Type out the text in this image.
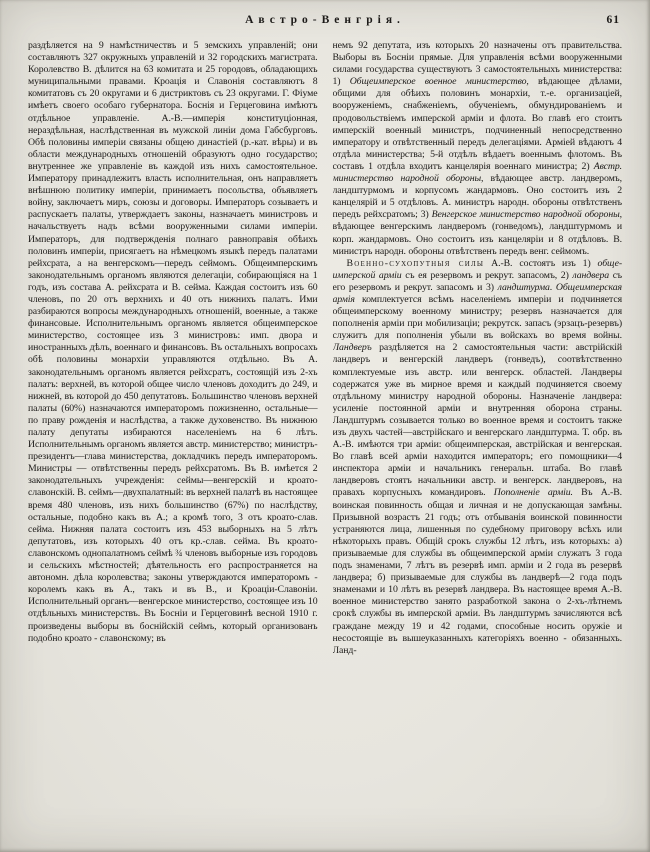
Австро-Венгрія.	61

раздѣляется на 9 намѣстничествъ и 5 земскихъ управленій; они составляютъ 327 окружныхъ управленій и 32 городскихъ магистрата. Королевство В. дѣлится на 63 комитата и 25 городовъ, обладающихъ муниципальными правами. Кроація и Славонія составляютъ 8 комитатовъ съ 20 округами и 6 дистриктовъ съ 23 округами. Г. Фіуме имѣетъ своего особаго губернатора. Боснія и Герцеговина имѣютъ отдѣльное управленіе. А.-В.—имперія конституціонная, нераздѣльная, наслѣдственная въ мужской линіи дома Габсбурговъ. Обѣ половины имперіи связаны общею династіей (р.-кат. вѣры) и въ области международныхъ отношеній образуютъ одно государство; внутреннее же управленіе въ каждой изъ нихъ самостоятельное. Императору принадлежитъ власть исполнительная, онъ направляетъ внѣшнюю политику имперіи, принимаетъ посольства, объявляетъ войну, заключаетъ миръ, союзы и договоры. Императоръ созываетъ и распускаетъ палаты, утверждаетъ законы, назначаетъ министровъ и начальствуетъ надъ всѣми вооруженными силами имперіи. Императоръ, для подтвержденія полнаго равноправія обѣихъ половинъ имперіи, присягаетъ на нѣмецкомъ языкѣ передъ палатами рейхсрата, а на венгерскомъ—передъ сеймомъ. Общеимперскимъ законодательнымъ органомъ являются делегаціи, собирающіяся на 1 годъ, изъ состава А. рейхсрата и В. сейма. Каждая состоитъ изъ 60 членовъ, по 20 отъ верхнихъ и 40 отъ нижнихъ палатъ. Ими разбираются вопросы международныхъ отношеній, военные, а также финансовые. Исполнительнымъ органомъ является общеимперское министерство, состоящее изъ 3 министровъ: имп. двора и иностранныхъ дѣлъ, военнаго и финансовъ. Въ остальныхъ вопросахъ обѣ половины монархіи управляются отдѣльно. Въ А. законодательнымъ органомъ является рейхсратъ, состоящій изъ 2-хъ палатъ: верхней, въ которой общее число членовъ доходитъ до 249, и нижней, въ которой до 450 депутатовъ. Большинство членовъ верхней палаты (60%) назначаются императоромъ пожизненно, остальные—по праву рожденія и наслѣдства, а также духовенство. Въ нижнюю палату депутаты избираются населеніемъ на 6 лѣтъ. Исполнительнымъ органомъ является австр. министерство; министръ-президентъ—глава министерства, докладчикъ передъ императоромъ. Министры — отвѣтственны передъ рейхсратомъ. Въ В. имѣется 2 законодательныхъ учрежденія: сеймы—венгерскій и кроато-славонскій. В. сеймъ—двухпалатный: въ верхней палатѣ въ настоящее время 480 членовъ, изъ нихъ большинство (67%) по наслѣдству, остальные, подобно какъ въ А.; а кромѣ того, 3 отъ кроато-слав. сейма. Нижняя палата состоитъ изъ 453 выборныхъ на 5 лѣтъ депутатовъ, изъ которыхъ 40 отъ кр.-слав. сейма. Въ кроато-славонскомъ однопалатномъ сеймѣ ¾ членовъ выборные изъ городовъ и сельскихъ мѣстностей; дѣятельность его распространяется на автономн. дѣла королевства; законы утверждаются императоромъ - королемъ какъ въ А., такъ и въ В., и Кроаціи-Славоніи. Исполнительный органъ—венгерское министерство, состоящее изъ 10 отдѣльныхъ министерствъ. Въ Босніи и Герцеговинѣ весной 1910 г. произведены выборы въ боснійскій сеймъ, который организованъ подобно кроато - славонскому; въ

немъ 92 депутата, изъ которыхъ 20 назначены отъ правительства. Выборы въ Босніи прямые. Для управленія всѣми вооруженными силами государства существуютъ 3 самостоятельныхъ министерства: 1) Общеимперское военное министерство, вѣдающее дѣлами, общими для обѣихъ половинъ монархіи, т.-е. организаціей, вооруженіемъ, снабженіемъ, обученіемъ, обмундированіемъ и продовольствіемъ имперской арміи и флота. Во главѣ его стоитъ имперскій военный министръ, подчиненный непосредственно императору и отвѣтственный передъ делегаціями. Арміей вѣдаютъ 4 отдѣла министерства; 5-й отдѣлъ вѣдаетъ военнымъ флотомъ. Въ составъ 1 отдѣла входитъ канцелярія военнаго министра; 2) Австр. министерство народной обороны, вѣдающее австр. ландверомъ, ландштурмомъ и корпусомъ жандармовъ. Оно состоитъ изъ 2 канцелярій и 5 отдѣловъ. А. министръ народн. обороны отвѣтственъ передъ рейхсратомъ; 3) Венгерское министерство народной обороны, вѣдающее венгерскимъ ландверомъ (гонведомъ), ландштурмомъ и корп. жандармовъ. Оно состоитъ изъ канцеляріи и 8 отдѣловъ. В. министръ народн. обороны отвѣтственъ передъ венг. сеймомъ.

Военно-сухопутныя силы А.-В. состоятъ изъ 1) обще-имперской арміи съ ея резервомъ и рекрут. запасомъ, 2) ландвера съ его резервомъ и рекрут. запасомъ и 3) ландштурма. Общеимперская армія комплектуется всѣмъ населеніемъ имперіи и подчиняется общеимперскому военному министру; резервъ назначается для пополненія арміи при мобилизаціи; рекрутск. запасъ (эрзацъ-резервъ) служитъ для пополненія убыли въ войскахъ во время войны. Ландверъ раздѣляется на 2 самостоятельныя части: австрійскій ландверъ и венгерскій ландверъ (гонведъ), соотвѣтственно комплектуемые изъ австр. или венгерск. областей. Ландверы содержатся уже въ мирное время и каждый подчиняется своему отдѣльному министру народной обороны. Назначеніе ландвера: усиленіе постоянной арміи и внутренняя оборона страны. Ландштурмъ созывается только во военное время и состоитъ также изъ двухъ частей—австрійскаго и венгерскаго ландштурма. Т. обр. въ А.-В. имѣются три арміи: общеимперская, австрійская и венгерская. Во главѣ всей арміи находится императоръ; его помощники—4 инспектора арміи и начальникъ генеральн. штаба. Во главѣ ландверовъ стоятъ начальники австр. и венгерск. ландверовъ, на правахъ корпусныхъ командировъ. Пополненіе арміи. Въ А.-В. воинская повинность общая и личная и не допускающая замѣны. Призывной возрастъ 21 годъ; отъ отбыванія воинской повинности устраняются лица, лишенныя по судебному приговору всѣхъ или нѣкоторыхъ правъ. Общій срокъ службы 12 лѣтъ, изъ которыхъ: а) призываемые для службы въ общеимперской арміи служатъ 3 года подъ знаменами, 7 лѣтъ въ резервѣ имп. арміи и 2 года въ резервѣ ландвера; б) призываемые для службы въ ландверѣ—2 года подъ знаменами и 10 лѣтъ въ резервѣ ландвера. Въ настоящее время А.-В. военное министерство занято разработкой закона о 2-хъ-лѣтнемъ срокѣ службы въ имперской арміи. Въ ландштурмъ зачисляются всѣ граждане между 19 и 42 годами, способные носить оружіе и несостоящіе въ вышеуказанныхъ категоріяхъ военно - обязанныхъ. Ланд-
